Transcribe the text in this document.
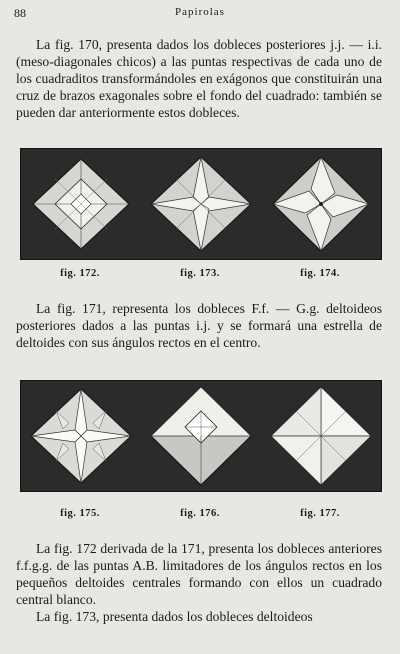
88	Papirolas

La fig. 170, presenta dados los dobleces posteriores j.j. — i.i. (meso-diagonales chicos) a las puntas respectivas de cada uno de los cuadraditos transformándoles en exágonos que constituirán una cruz de brazos exagonales sobre el fondo del cuadrado: también se pueden dar anteriormente estos dobleces.

fig. 172.	fig. 173.	fig. 174.

La fig. 171, representa los dobleces F.f. — G.g. deltoideos posteriores dados a las puntas i.j. y se formará una estrella de deltoides con sus ángulos rectos en el centro.

fig. 175.	fig. 176.	fig. 177.

La fig. 172 derivada de la 171, presenta los dobleces anteriores f.f.g.g. de las puntas A.B. limitadores de los ángulos rectos en los pequeños deltoides centrales formando con ellos un cuadrado central blanco.

La fig. 173, presenta dados los dobleces deltoideos
